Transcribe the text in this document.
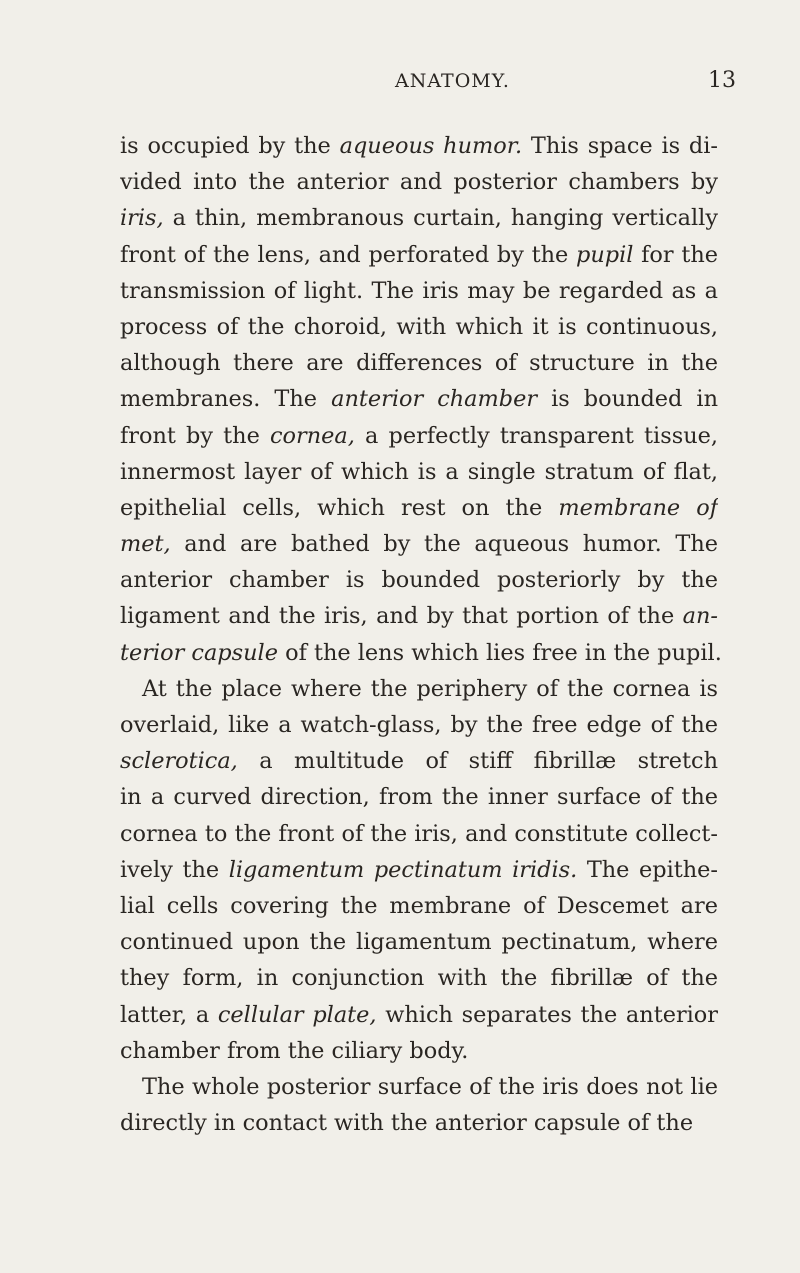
ANATOMY.	13
is occupied by the aqueous humor. This space is di-
vided into the anterior and posterior chambers by
iris, a thin, membranous curtain, hanging vertically
front of the lens, and perforated by the pupil for the
transmission of light. The iris may be regarded as a
process of the choroid, with which it is continuous,
although there are differences of structure in the
membranes. The anterior chamber is bounded in
front by the cornea, a perfectly transparent tissue,
innermost layer of which is a single stratum of flat,
epithelial cells, which rest on the membrane of
met, and are bathed by the aqueous humor. The
anterior chamber is bounded posteriorly by the
ligament and the iris, and by that portion of the an-
terior capsule of the lens which lies free in the pupil.
At the place where the periphery of the cornea is
overlaid, like a watch-glass, by the free edge of the
sclerotica, a multitude of stiff fibrillæ stretch
in a curved direction, from the inner surface of the
cornea to the front of the iris, and constitute collect-
ively the ligamentum pectinatum iridis. The epithe-
lial cells covering the membrane of Descemet are
continued upon the ligamentum pectinatum, where
they form, in conjunction with the fibrillæ of the
latter, a cellular plate, which separates the anterior
chamber from the ciliary body.
The whole posterior surface of the iris does not lie
directly in contact with the anterior capsule of the
